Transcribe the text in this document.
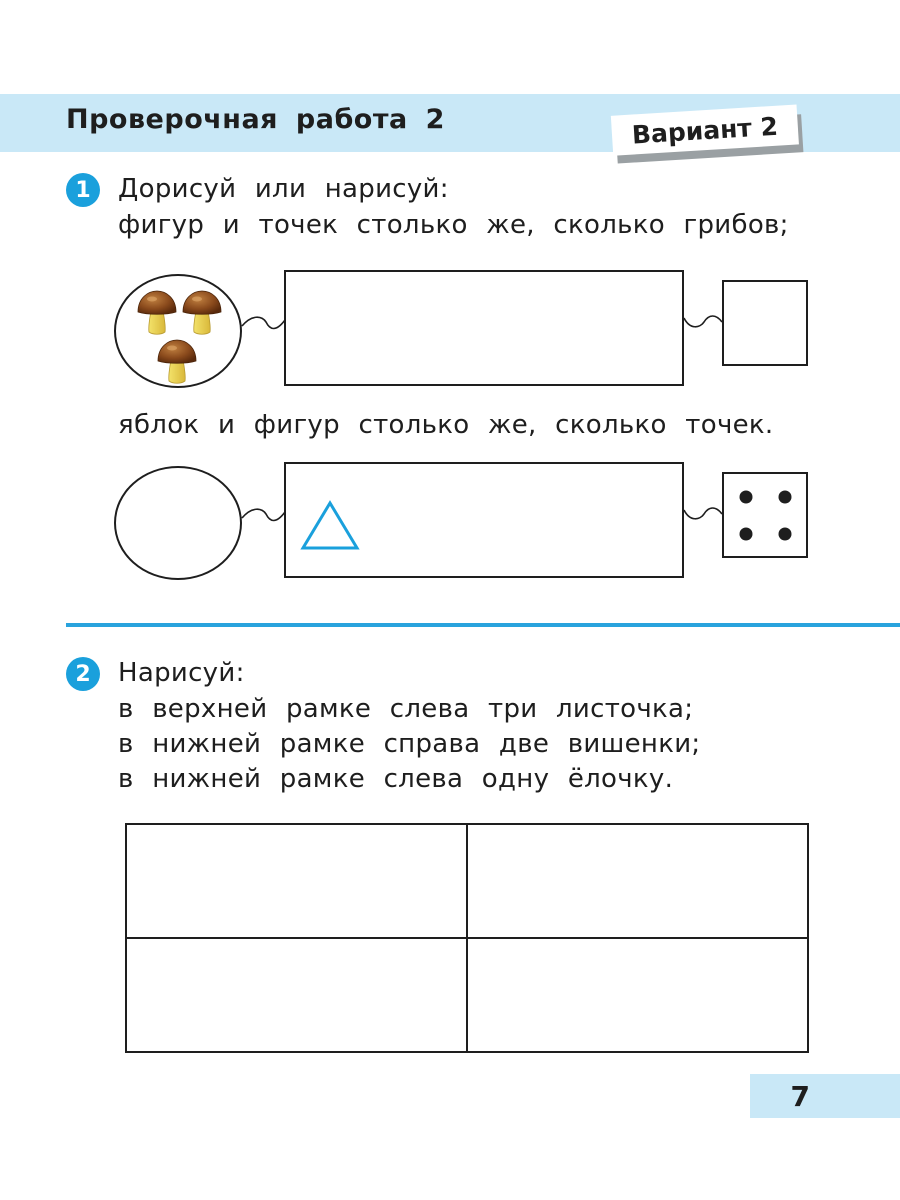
Проверочная работа 2	Вариант 2
1	Дорисуй или нарисуй:
фигур и точек столько же, сколько грибов;
яблок и фигур столько же, сколько точек.
2	Нарисуй:
в верхней рамке слева три листочка;
в нижней рамке справа две вишенки;
в нижней рамке слева одну ёлочку.
7
